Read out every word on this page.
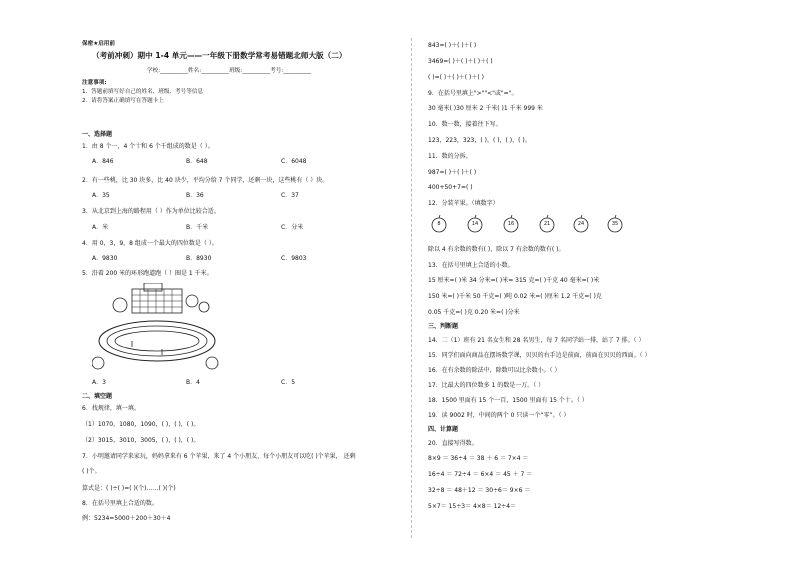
保密★启用前
（考前冲刺）期中 1-4 单元——一年级下册数学常考易错题北师大版（二）
学校:__________姓名:__________班级:__________考号:__________
注意事项:
1．答题前填写好自己的姓名、班级、考号等信息
2．请将答案正确填写在答题卡上
一、选择题
1．由 8 个一，4 个十和 6 个千组成的数是（ ）。
A．846	B．648	C．6048
2．有一些桃，比 30 块多，比 40 块少，平均分给 7 个同学，还剩一块，这些桃有（ ）块。
A．35	B．36	C．37
3．从北京到上海的路程用（ ）作为单位比较合适。
A．米	B．千米	C．分米
4．用 0，3，9，8 组成一个最大的四位数是（ ）。
A．9830	B．8930	C．9803
5．沿着 200 米的环形跑道跑（ ）圈是 1 千米。
A．3	B．4	C．5
二、填空题
6．找规律，填一填。
（1）1070，1080，1090，( )，( )，( )。
（2）3015，3010，3005，( )，( )，( )。
7．小明邀请同学来家玩，妈妈拿来有 6 个苹果，来了 4 个小朋友，每个小朋友可以吃( )个苹果， 还剩
( )个。
算式是：( )÷( )=( )(个)……( )(个)
8．在括号里填上合适的数。
例：5234=5000＋200＋30＋4
843=( )＋( )＋( )
3469=( )＋( )＋( )＋( )
( )=( )＋( )＋( )＋( )
9．在括号里填上">""<"或"="。
30 毫米( )30 厘米 2 千米( )1 千米 999 米
10．数一数，接着往下写。
123，223，323，( )，( )，( )，( )。
11．数的分拆。
987=( )＋( )＋( )
400+50+7=( )
12．分装苹果。（填数字）
8	14	16	21	24	35
除以 4 有余数的数有( )，除以 7 有余数的数有( )。
13．在括号里填上合适的小数。
15 厘米=( )米 34 分米=( )米= 315 克=( )千克 40 毫米=( )米
150 米=( )千米 50 千克=( )吨 0.02 米=( )厘米 1.2 千克=( )克
0.05 千克=( )克 0.20 米=( )分米
三、判断题
14．二（1）班有 21 名女生和 28 名男生，每 7 名同学站一排，站了 7 排。（ ）
15．同学们面向商品在摆场数学课，贝贝的右手边是前面，前面在贝贝的西面。（ ）
16．在有余数的除法中，除数可以比余数小。（ ）
17．比最大的四位数多 1 的数是一万。（ ）
18．1500 里面有 15 个一百，1500 里面有 15 个十。（ ）
19．读 9002 时，中间的两个 0 只读一个“零”。（ ）
四、计算题
20．直接写得数。
8×9 ＝ 36÷4 ＝ 38 ＋ 6 ＝ 7×4 ＝
16÷4 ＝ 72÷4 ＝ 6×4 ＝ 45 ＋ 7 ＝
32÷8 ＝ 48＋12 ＝ 30÷6＝ 9×6 ＝
5×7＝ 15÷3＝ 4×8＝ 12÷4＝
